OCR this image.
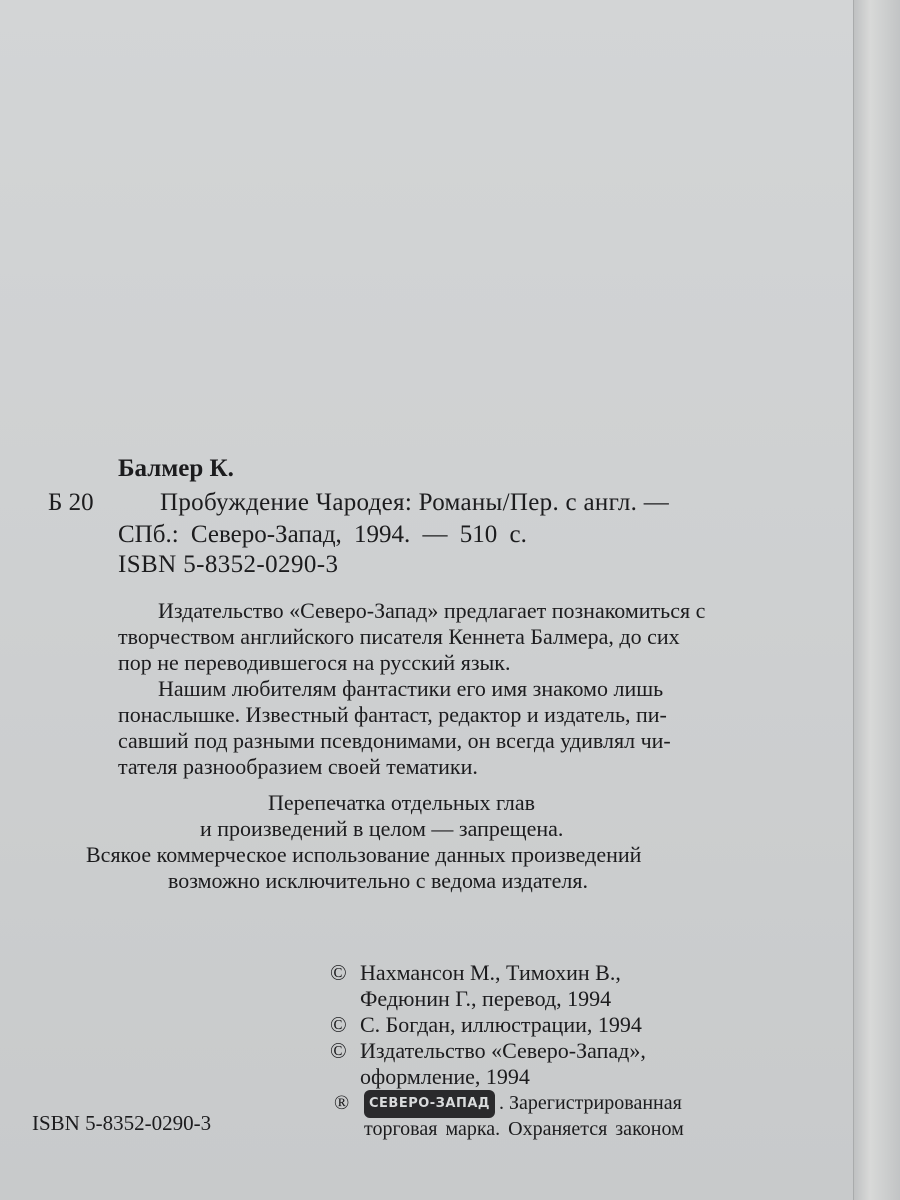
Балмер К.
Б 20	Пробуждение Чародея: Романы/Пер. с англ. —
СПб.: Северо-Запад, 1994. — 510 с.
ISBN 5-8352-0290-3
Издательство «Северо-Запад» предлагает познакомиться с
творчеством английского писателя Кеннета Балмера, до сих
пор не переводившегося на русский язык.
Нашим любителям фантастики его имя знакомо лишь
понаслышке. Известный фантаст, редактор и издатель, пи-
савший под разными псевдонимами, он всегда удивлял чи-
тателя разнообразием своей тематики.
Перепечатка отдельных глав
и произведений в целом — запрещена.
Всякое коммерческое использование данных произведений
возможно исключительно с ведома издателя.
© Нахмансон М., Тимохин В.,
Федюнин Г., перевод, 1994
© С. Богдан, иллюстрации, 1994
© Издательство «Северо-Запад»,
оформление, 1994
® СЕВЕРО-ЗАПАД . Зарегистрированная
торговая марка. Охраняется законом
ISBN 5-8352-0290-3
